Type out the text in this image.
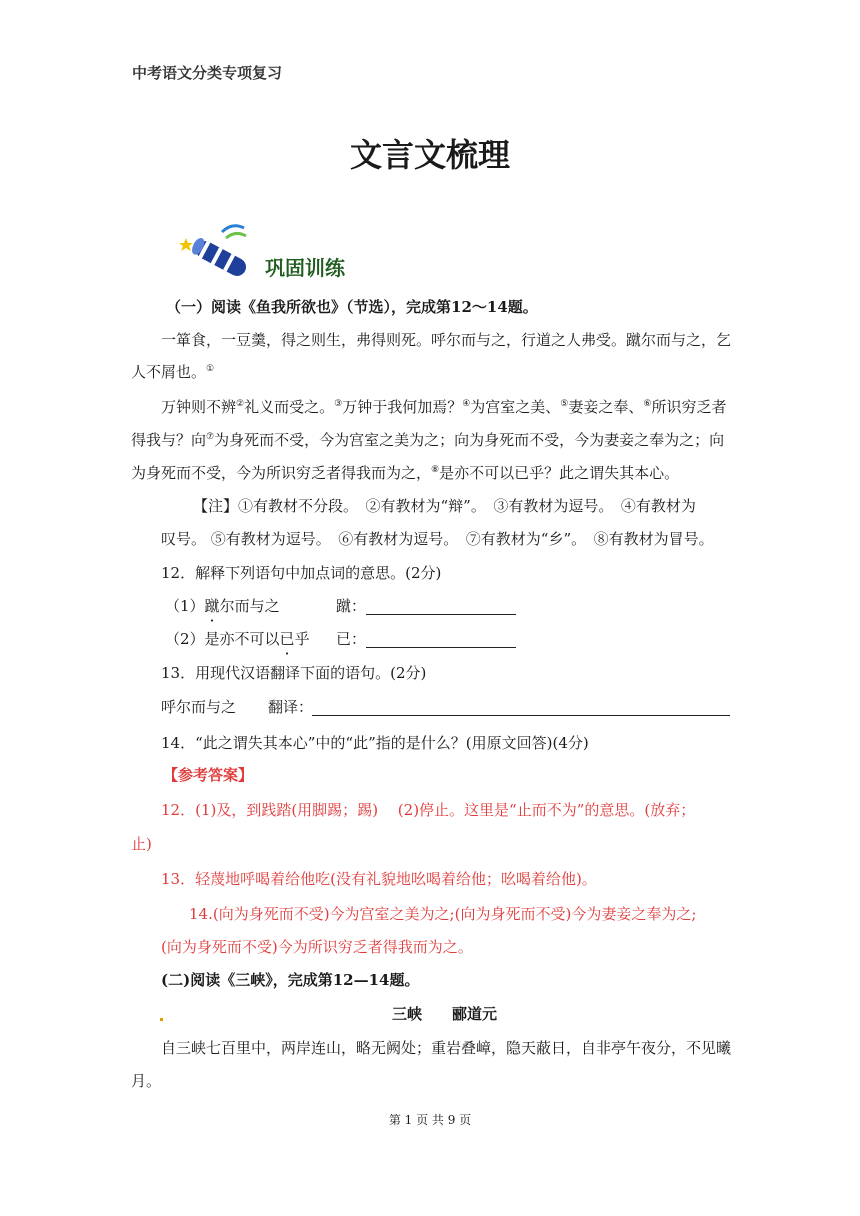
中考语文分类专项复习
文言文梳理
巩固训练
（一）阅读《鱼我所欲也》（节选），完成第12～14题。
一箪食，一豆羹，得之则生，弗得则死。呼尔而与之，行道之人弗受。蹴尔而与之，乞
人不屑也。①
万钟则不辨②礼义而受之。③万钟于我何加焉？④为宫室之美、⑤妻妾之奉、⑥所识穷乏者
得我与？向⑦为身死而不受，今为宫室之美为之；向为身死而不受，今为妻妾之奉为之；向
为身死而不受，今为所识穷乏者得我而为之，⑧是亦不可以已乎？此之谓失其本心。
【注】①有教材不分段。　②有教材为“辩”。　③有教材为逗号。　④有教材为
叹号。 ⑤有教材为逗号。　⑥有教材为逗号。　⑦有教材为“乡”。　⑧有教材为冒号。
12．解释下列语句中加点词的意思。(2分)
（1）蹴尔而与之	蹴：
（2）是亦不可以已乎 已：
13．用现代汉语翻译下面的语句。(2分)
呼尔而与之 翻译：
14．“此之谓失其本心”中的“此”指的是什么？(用原文回答)(4分)
【参考答案】
12．(1)及，到践踏(用脚踢；踢)　 (2)停止。这里是“止而不为”的意思。(放弃；
止)
13．轻蔑地呼喝着给他吃(没有礼貌地吆喝着给他；吆喝着给他)。
14.(向为身死而不受)今为宫室之美为之;(向为身死而不受)今为妻妾之奉为之;
(向为身死而不受)今为所识穷乏者得我而为之。
(二)阅读《三峡》，完成第12—14题。
三峡　　郦道元
自三峡七百里中，两岸连山，略无阙处；重岩叠嶂，隐天蔽日，自非亭午夜分，不见曦
月。
第 1 页 共 9 页
